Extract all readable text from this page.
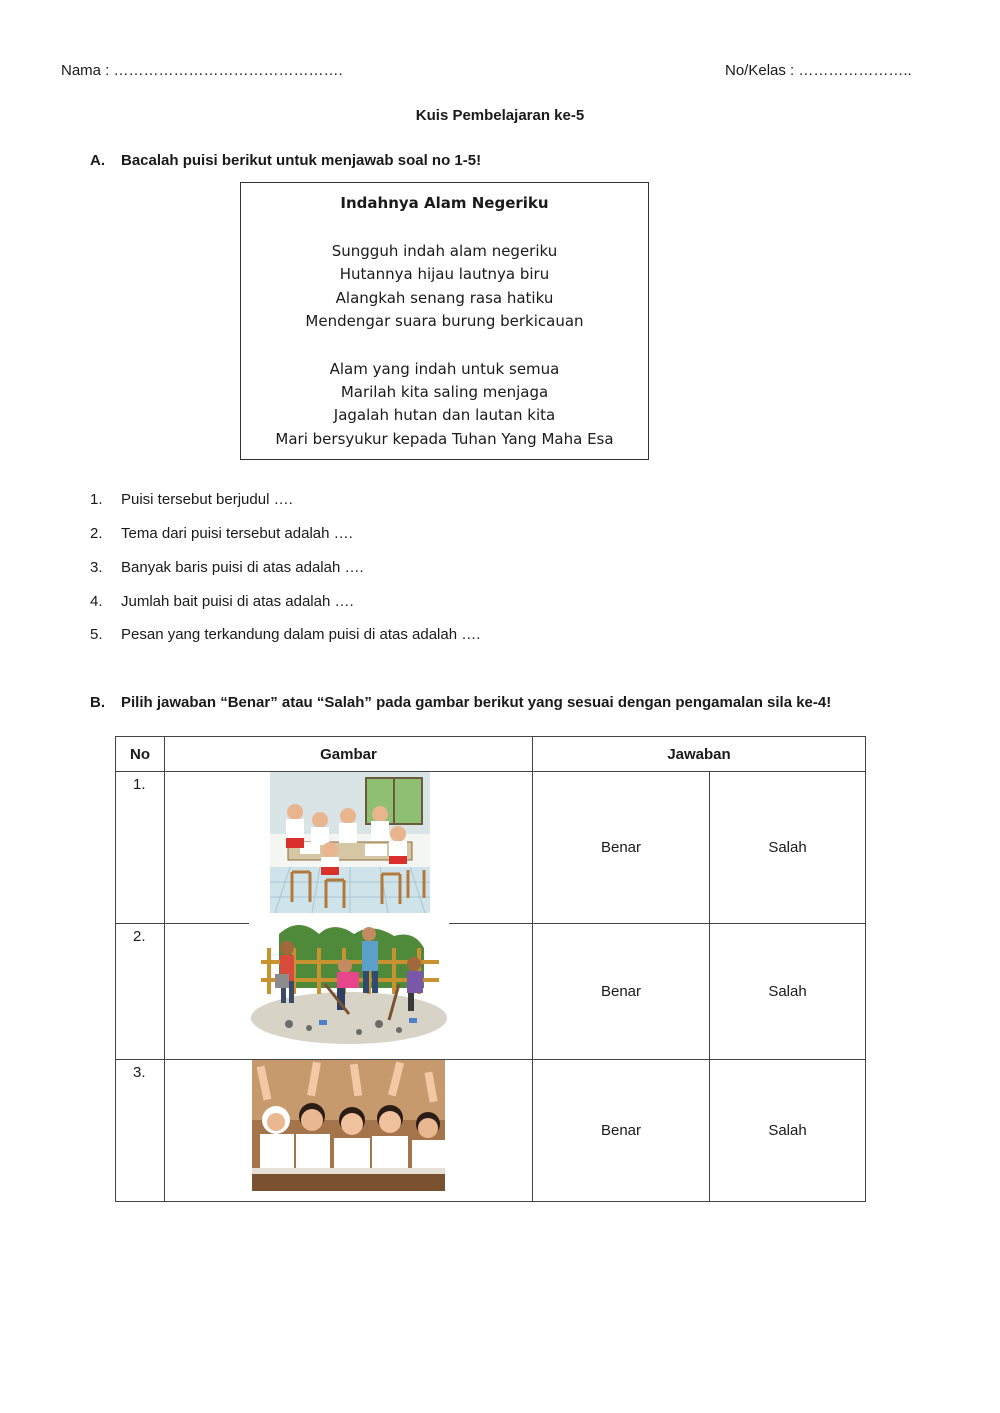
Nama : ……………………………………….	No/Kelas : …………………..
Kuis Pembelajaran ke-5
A. Bacalah puisi berikut untuk menjawab soal no 1-5!
Indahnya Alam Negeriku
Sungguh indah alam negeriku
Hutannya hijau lautnya biru
Alangkah senang rasa hatiku
Mendengar suara burung berkicauan
Alam yang indah untuk semua
Marilah kita saling menjaga
Jagalah hutan dan lautan kita
Mari bersyukur kepada Tuhan Yang Maha Esa
1. Puisi tersebut berjudul ….
2. Tema dari puisi tersebut adalah ….
3. Banyak baris puisi di atas adalah ….
4. Jumlah bait puisi di atas adalah ….
5. Pesan yang terkandung dalam puisi di atas adalah ….
B. Pilih jawaban “Benar” atau “Salah” pada gambar berikut yang sesuai dengan pengamalan sila ke-4!
No	Gambar	Jawaban	
1.		Benar	Salah
2.		Benar	Salah
3.		Benar	Salah
